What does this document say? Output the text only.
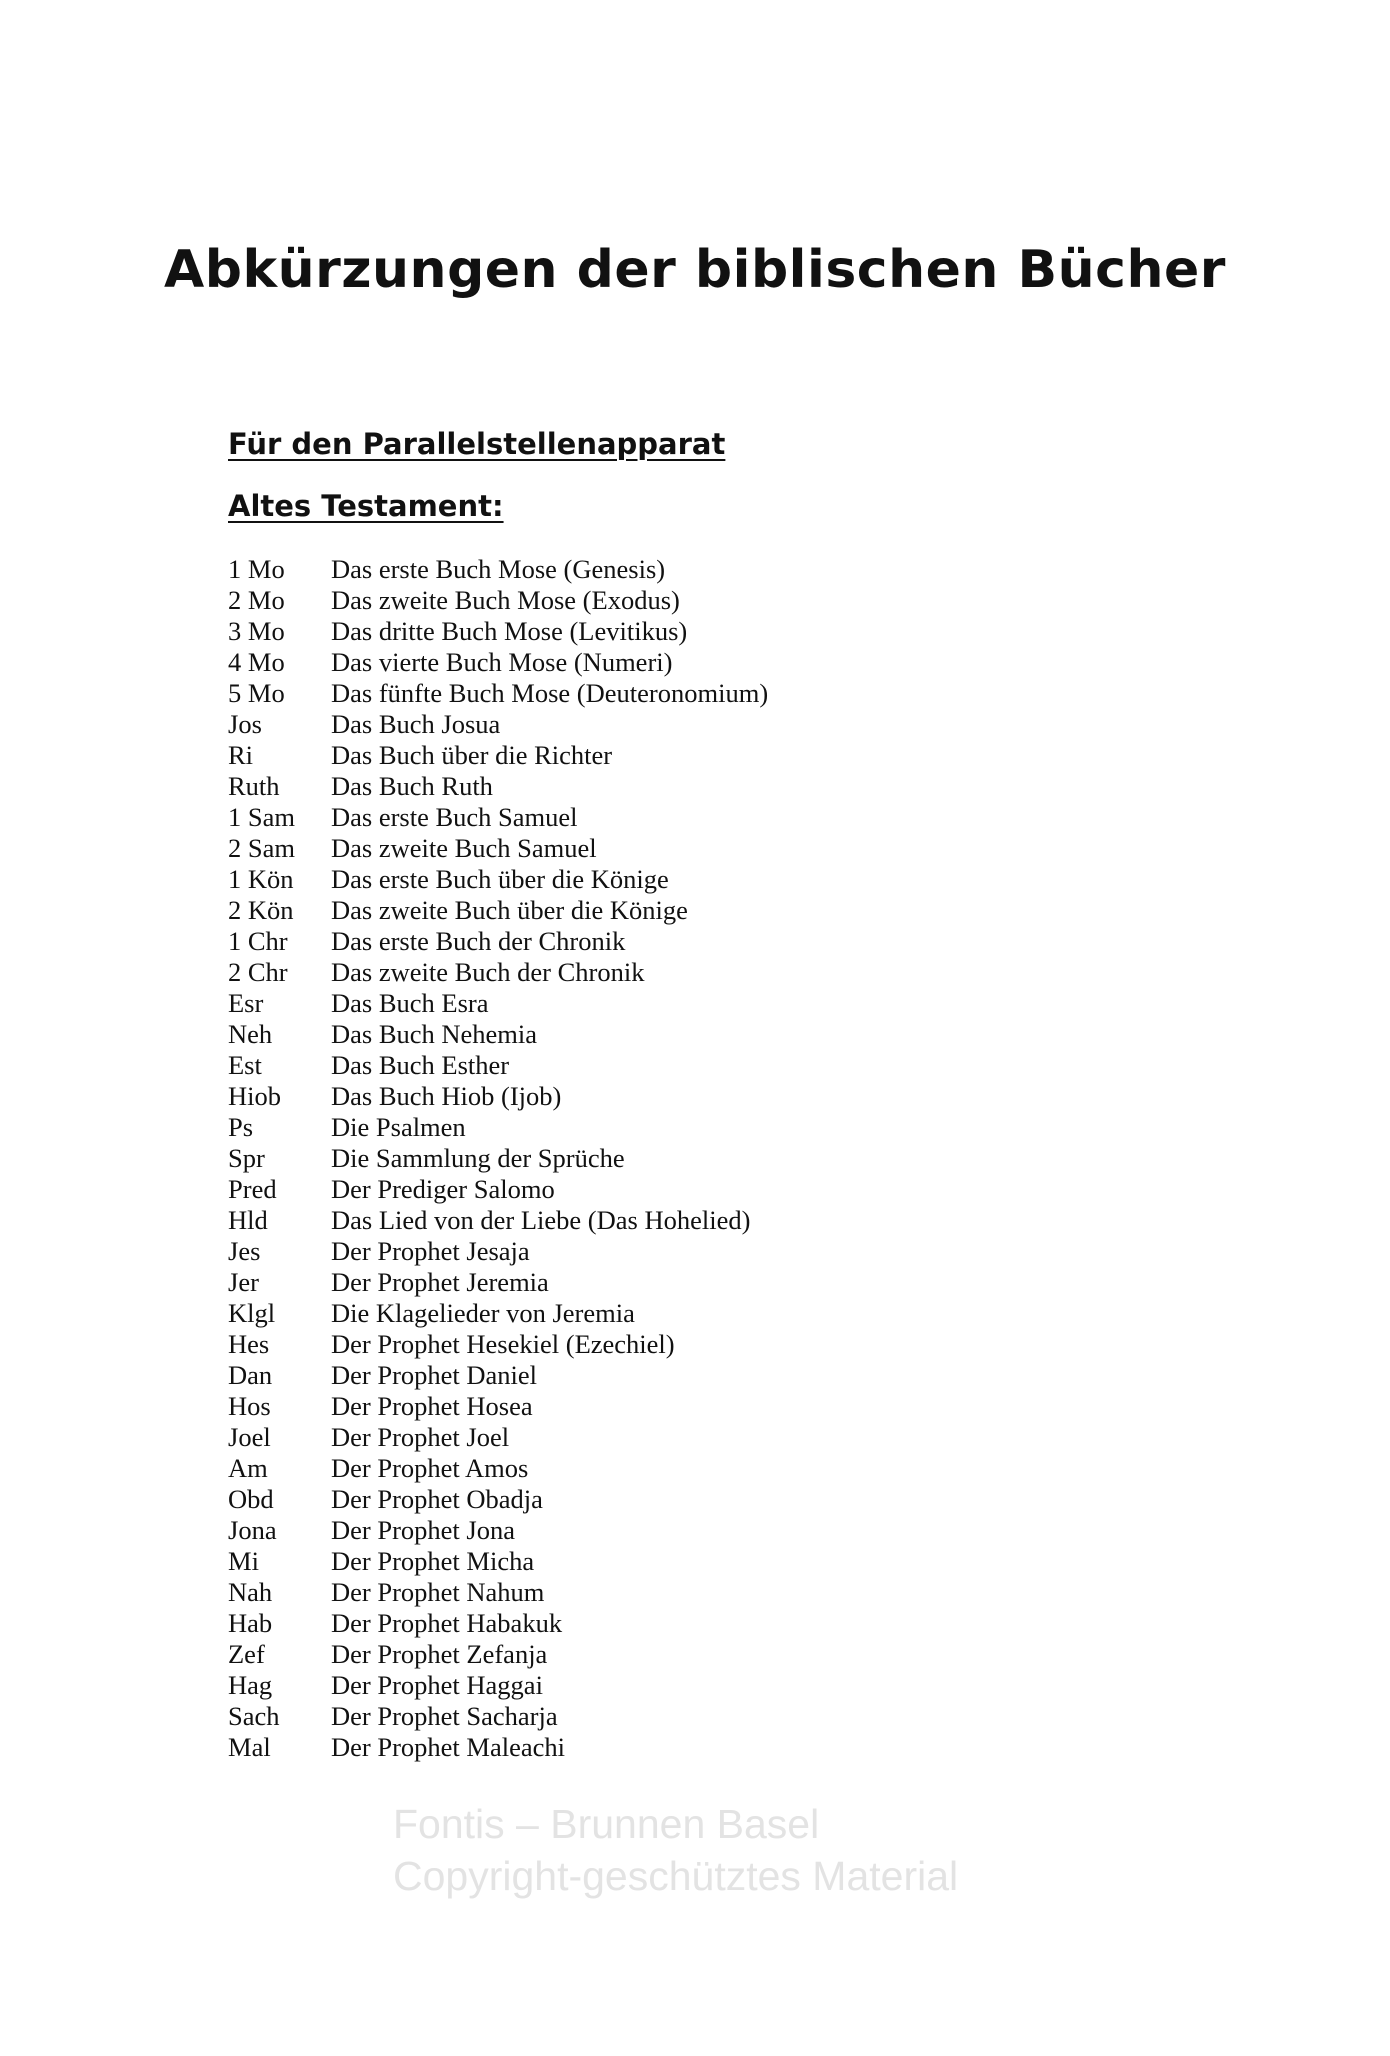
Abkürzungen der biblischen Bücher
Für den Parallelstellenapparat
Altes Testament:
1 Mo Das erste Buch Mose (Genesis)
2 Mo Das zweite Buch Mose (Exodus)
3 Mo Das dritte Buch Mose (Levitikus)
4 Mo Das vierte Buch Mose (Numeri)
5 Mo Das fünfte Buch Mose (Deuteronomium)
Jos	Das Buch Josua
Ri	Das Buch über die Richter
Ruth Das Buch Ruth
1 Sam Das erste Buch Samuel
2 Sam Das zweite Buch Samuel
1 Kön Das erste Buch über die Könige
2 Kön Das zweite Buch über die Könige
1 Chr Das erste Buch der Chronik
2 Chr Das zweite Buch der Chronik
Esr	Das Buch Esra
Neh Das Buch Nehemia
Est	Das Buch Esther
Hiob Das Buch Hiob (Ijob)
Ps	Die Psalmen
Spr Die Sammlung der Sprüche
Pred Der Prediger Salomo
Hld Das Lied von der Liebe (Das Hohelied)
Jes	Der Prophet Jesaja
Jer	Der Prophet Jeremia
Klgl Die Klagelieder von Jeremia
Hes Der Prophet Hesekiel (Ezechiel)
Dan Der Prophet Daniel
Hos Der Prophet Hosea
Joel Der Prophet Joel
Am Der Prophet Amos
Obd Der Prophet Obadja
Jona Der Prophet Jona
Mi	Der Prophet Micha
Nah Der Prophet Nahum
Hab Der Prophet Habakuk
Zef Der Prophet Zefanja
Hag Der Prophet Haggai
Sach Der Prophet Sacharja
Mal Der Prophet Maleachi
Fontis – Brunnen Basel
Copyright-geschütztes Material
